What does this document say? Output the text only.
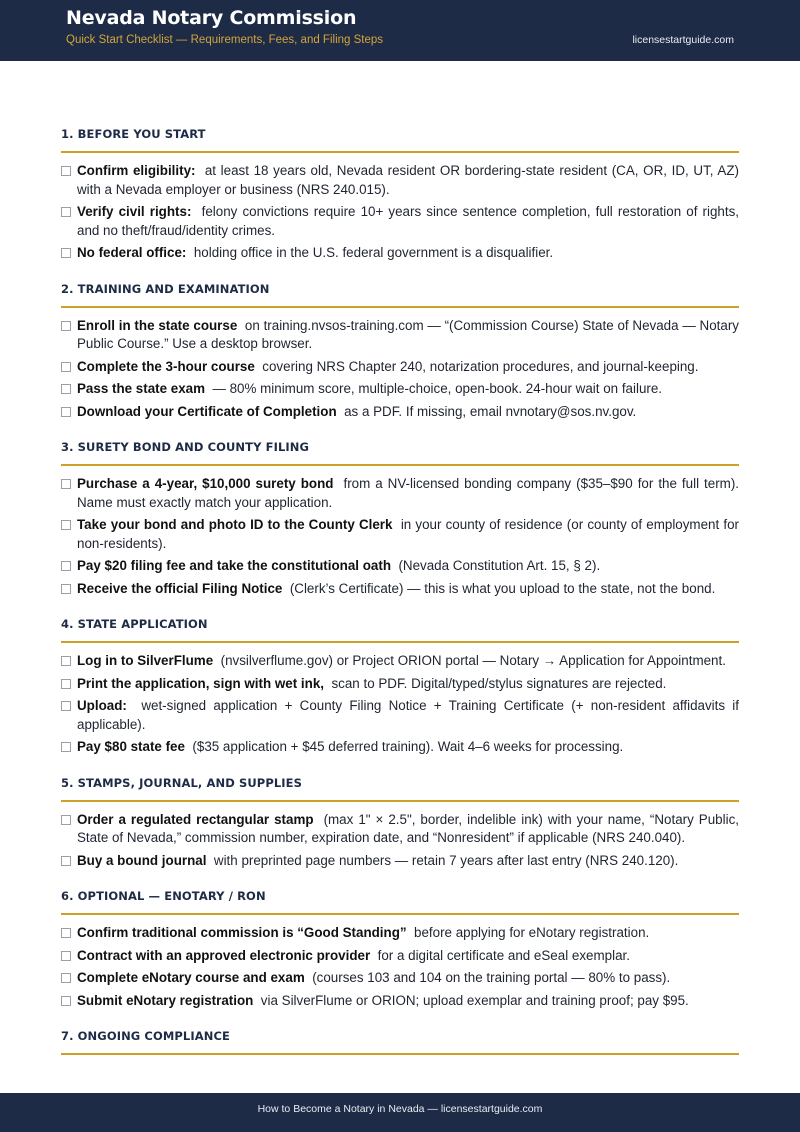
Nevada Notary Commission
Quick Start Checklist — Requirements, Fees, and Filing Steps	licensestartguide.com
1. BEFORE YOU START
Confirm eligibility: at least 18 years old, Nevada resident OR bordering-state resident (CA, OR, ID, UT, AZ) with a Nevada employer or business (NRS 240.015).
Verify civil rights: felony convictions require 10+ years since sentence completion, full restoration of rights, and no theft/fraud/identity crimes.
No federal office: holding office in the U.S. federal government is a disqualifier.
2. TRAINING AND EXAMINATION
Enroll in the state course on training.nvsos-training.com — “(Commission Course) State of Nevada — Notary Public Course.” Use a desktop browser.
Complete the 3-hour course covering NRS Chapter 240, notarization procedures, and journal-keeping.
Pass the state exam — 80% minimum score, multiple-choice, open-book. 24-hour wait on failure.
Download your Certificate of Completion as a PDF. If missing, email nvnotary@sos.nv.gov.
3. SURETY BOND AND COUNTY FILING
Purchase a 4-year, $10,000 surety bond from a NV-licensed bonding company ($35–$90 for the full term). Name must exactly match your application.
Take your bond and photo ID to the County Clerk in your county of residence (or county of employment for non-residents).
Pay $20 filing fee and take the constitutional oath (Nevada Constitution Art. 15, § 2).
Receive the official Filing Notice (Clerk’s Certificate) — this is what you upload to the state, not the bond.
4. STATE APPLICATION
Log in to SilverFlume (nvsilverflume.gov) or Project ORION portal — Notary → Application for Appointment.
Print the application, sign with wet ink, scan to PDF. Digital/typed/stylus signatures are rejected.
Upload: wet-signed application + County Filing Notice + Training Certificate (+ non-resident affidavits if applicable).
Pay $80 state fee ($35 application + $45 deferred training). Wait 4–6 weeks for processing.
5. STAMPS, JOURNAL, AND SUPPLIES
Order a regulated rectangular stamp (max 1" × 2.5", border, indelible ink) with your name, “Notary Public, State of Nevada,” commission number, expiration date, and “Nonresident” if applicable (NRS 240.040).
Buy a bound journal with preprinted page numbers — retain 7 years after last entry (NRS 240.120).
6. OPTIONAL — ENOTARY / RON
Confirm traditional commission is “Good Standing” before applying for eNotary registration.
Contract with an approved electronic provider for a digital certificate and eSeal exemplar.
Complete eNotary course and exam (courses 103 and 104 on the training portal — 80% to pass).
Submit eNotary registration via SilverFlume or ORION; upload exemplar and training proof; pay $95.
7. ONGOING COMPLIANCE
How to Become a Notary in Nevada — licensestartguide.com
